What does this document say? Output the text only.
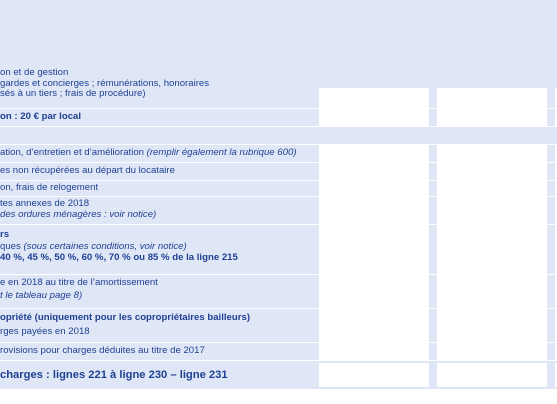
on et de gestion
gardes et concierges ; rémunérations, honoraires
sés à un tiers ; frais de procédure)
on : 20 € par local
ation, d’entretien et d’amélioration (remplir également la rubrique 600)
es non récupérées au départ du locataire
on, frais de relogement
tes annexes de 2018
des ordures ménagères : voir notice)
rs
ques (sous certaines conditions, voir notice)
40 %, 45 %, 50 %, 60 %, 70 % ou 85 % de la ligne 215
e en 2018 au titre de l’amortissement
t le tableau page 8)
opriété (uniquement pour les copropriétaires bailleurs)
rges payées en 2018
rovisions pour charges déduites au titre de 2017
charges : lignes 221 à ligne 230 – ligne 231
